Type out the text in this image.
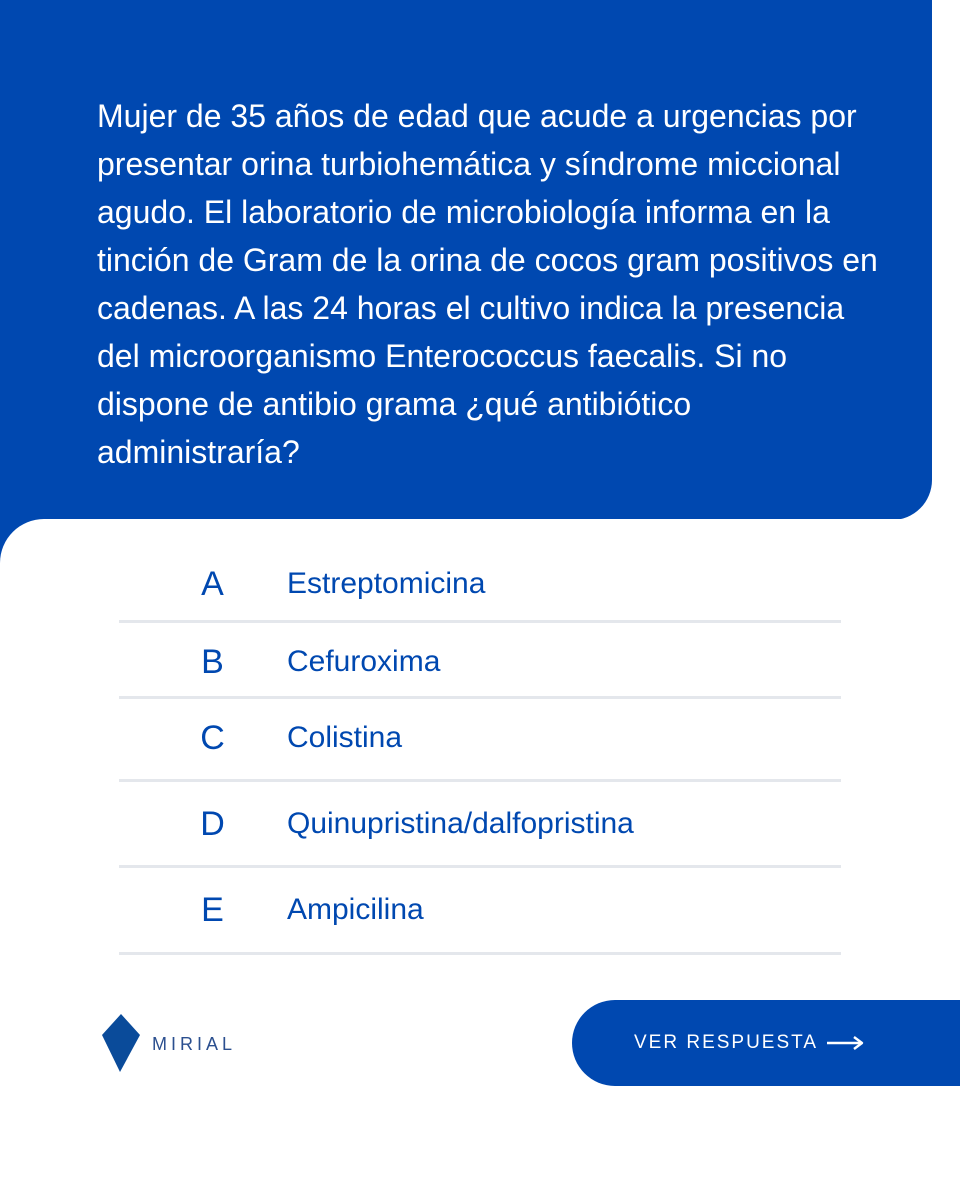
Mujer de 35 años de edad que acude a urgencias por presentar orina turbiohemática y síndrome miccional agudo. El laboratorio de microbiología informa en la tinción de Gram de la orina de cocos gram positivos en cadenas. A las 24 horas el cultivo indica la presencia del microorganismo Enterococcus faecalis. Si no dispone de antibio grama ¿qué antibiótico administraría?

A Estreptomicina
B Cefuroxima
C Colistina
D Quinupristina/dalfopristina
E Ampicilina
MIRIAL	VER RESPUESTA
